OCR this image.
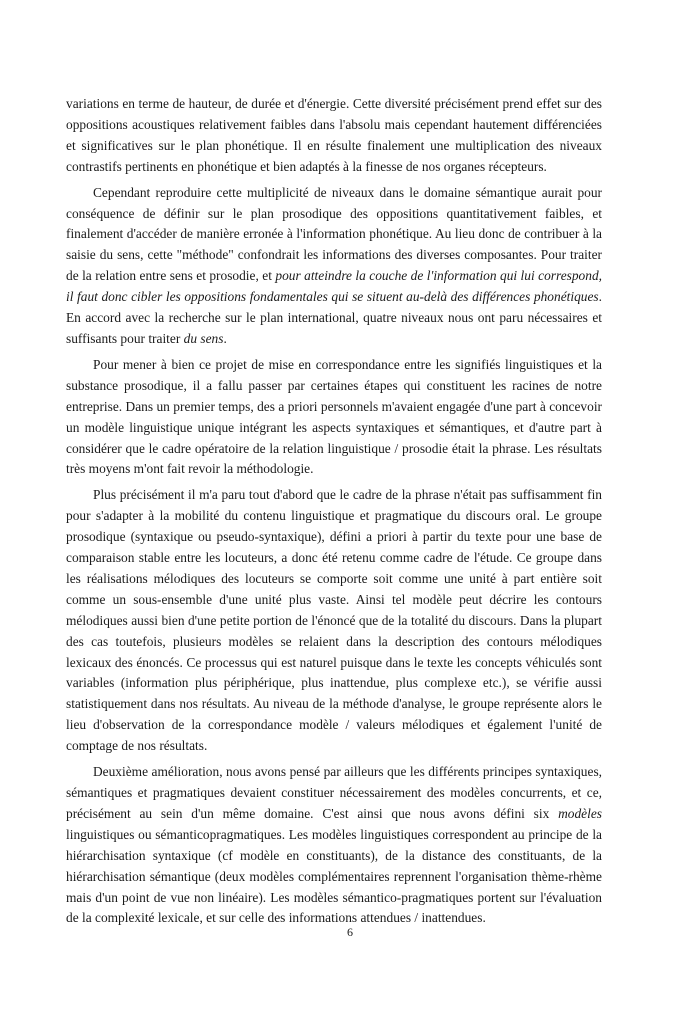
variations en terme de hauteur, de durée et d'énergie. Cette diversité précisément prend effet sur des oppositions acoustiques relativement faibles dans l'absolu mais cependant hautement différenciées et significatives sur le plan phonétique. Il en résulte finalement une multiplication des niveaux contrastifs pertinents en phonétique et bien adaptés à la finesse de nos organes récepteurs.

Cependant reproduire cette multiplicité de niveaux dans le domaine sémantique aurait pour conséquence de définir sur le plan prosodique des oppositions quantitativement faibles, et finalement d'accéder de manière erronée à l'information phonétique. Au lieu donc de contribuer à la saisie du sens, cette "méthode" confondrait les informations des diverses composantes. Pour traiter de la relation entre sens et prosodie, et pour atteindre la couche de l'information qui lui correspond, il faut donc cibler les oppositions fondamentales qui se situent au-delà des différences phonétiques. En accord avec la recherche sur le plan international, quatre niveaux nous ont paru nécessaires et suffisants pour traiter du sens.

Pour mener à bien ce projet de mise en correspondance entre les signifiés linguistiques et la substance prosodique, il a fallu passer par certaines étapes qui constituent les racines de notre entreprise. Dans un premier temps, des a priori personnels m'avaient engagée d'une part à concevoir un modèle linguistique unique intégrant les aspects syntaxiques et sémantiques, et d'autre part à considérer que le cadre opératoire de la relation linguistique / prosodie était la phrase. Les résultats très moyens m'ont fait revoir la méthodologie.

Plus précisément il m'a paru tout d'abord que le cadre de la phrase n'était pas suffisamment fin pour s'adapter à la mobilité du contenu linguistique et pragmatique du discours oral. Le groupe prosodique (syntaxique ou pseudo-syntaxique), défini a priori à partir du texte pour une base de comparaison stable entre les locuteurs, a donc été retenu comme cadre de l'étude. Ce groupe dans les réalisations mélodiques des locuteurs se comporte soit comme une unité à part entière soit comme un sous-ensemble d'une unité plus vaste. Ainsi tel modèle peut décrire les contours mélodiques aussi bien d'une petite portion de l'énoncé que de la totalité du discours. Dans la plupart des cas toutefois, plusieurs modèles se relaient dans la description des contours mélodiques lexicaux des énoncés. Ce processus qui est naturel puisque dans le texte les concepts véhiculés sont variables (information plus périphérique, plus inattendue, plus complexe etc.), se vérifie aussi statistiquement dans nos résultats. Au niveau de la méthode d'analyse, le groupe représente alors le lieu d'observation de la correspondance modèle / valeurs mélodiques et également l'unité de comptage de nos résultats.

Deuxième amélioration, nous avons pensé par ailleurs que les différents principes syntaxiques, sémantiques et pragmatiques devaient constituer nécessairement des modèles concurrents, et ce, précisément au sein d'un même domaine. C'est ainsi que nous avons défini six modèles linguistiques ou sémanticopragmatiques. Les modèles linguistiques correspondent au principe de la hiérarchisation syntaxique (cf modèle en constituants), de la distance des constituants, de la hiérarchisation sémantique (deux modèles complémentaires reprennent l'organisation thème-rhème mais d'un point de vue non linéaire). Les modèles sémantico-pragmatiques portent sur l'évaluation de la complexité lexicale, et sur celle des informations attendues / inattendues.

6
